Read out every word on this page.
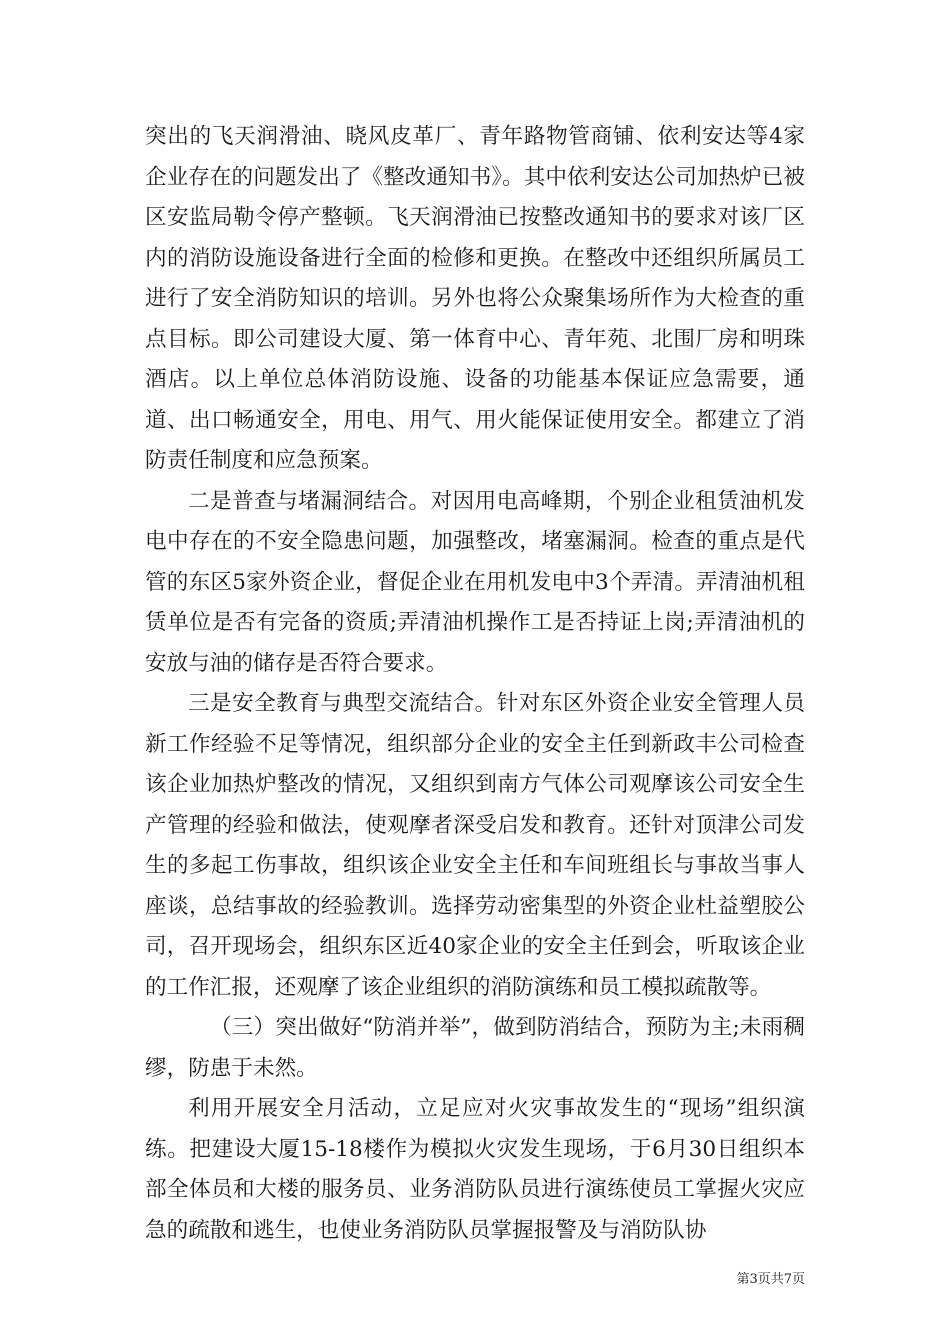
突出的飞天润滑油、晓风皮革厂、青年路物管商铺、依利安达等4家企业存在的问题发出了《整改通知书》。其中依利安达公司加热炉已被区安监局勒令停产整顿。飞天润滑油已按整改通知书的要求对该厂区内的消防设施设备进行全面的检修和更换。在整改中还组织所属员工进行了安全消防知识的培训。另外也将公众聚集场所作为大检查的重点目标。即公司建设大厦、第一体育中心、青年苑、北围厂房和明珠酒店。以上单位总体消防设施、设备的功能基本保证应急需要，通道、出口畅通安全，用电、用气、用火能保证使用安全。都建立了消防责任制度和应急预案。

二是普查与堵漏洞结合。对因用电高峰期，个别企业租赁油机发电中存在的不安全隐患问题，加强整改，堵塞漏洞。检查的重点是代管的东区5家外资企业，督促企业在用机发电中3个弄清。弄清油机租赁单位是否有完备的资质;弄清油机操作工是否持证上岗;弄清油机的安放与油的储存是否符合要求。

三是安全教育与典型交流结合。针对东区外资企业安全管理人员新工作经验不足等情况，组织部分企业的安全主任到新政丰公司检查该企业加热炉整改的情况，又组织到南方气体公司观摩该公司安全生产管理的经验和做法，使观摩者深受启发和教育。还针对顶津公司发生的多起工伤事故，组织该企业安全主任和车间班组长与事故当事人座谈，总结事故的经验教训。选择劳动密集型的外资企业杜益塑胶公司，召开现场会，组织东区近40家企业的安全主任到会，听取该企业的工作汇报，还观摩了该企业组织的消防演练和员工模拟疏散等。

（三）突出做好“防消并举”，做到防消结合，预防为主;未雨稠缪，防患于未然。

利用开展安全月活动，立足应对火灾事故发生的“现场”组织演练。把建设大厦15-18楼作为模拟火灾发生现场，于6月30日组织本部全体员和大楼的服务员、业务消防队员进行演练使员工掌握火灾应急的疏散和逃生，也使业务消防队员掌握报警及与消防队协

第3页共7页
